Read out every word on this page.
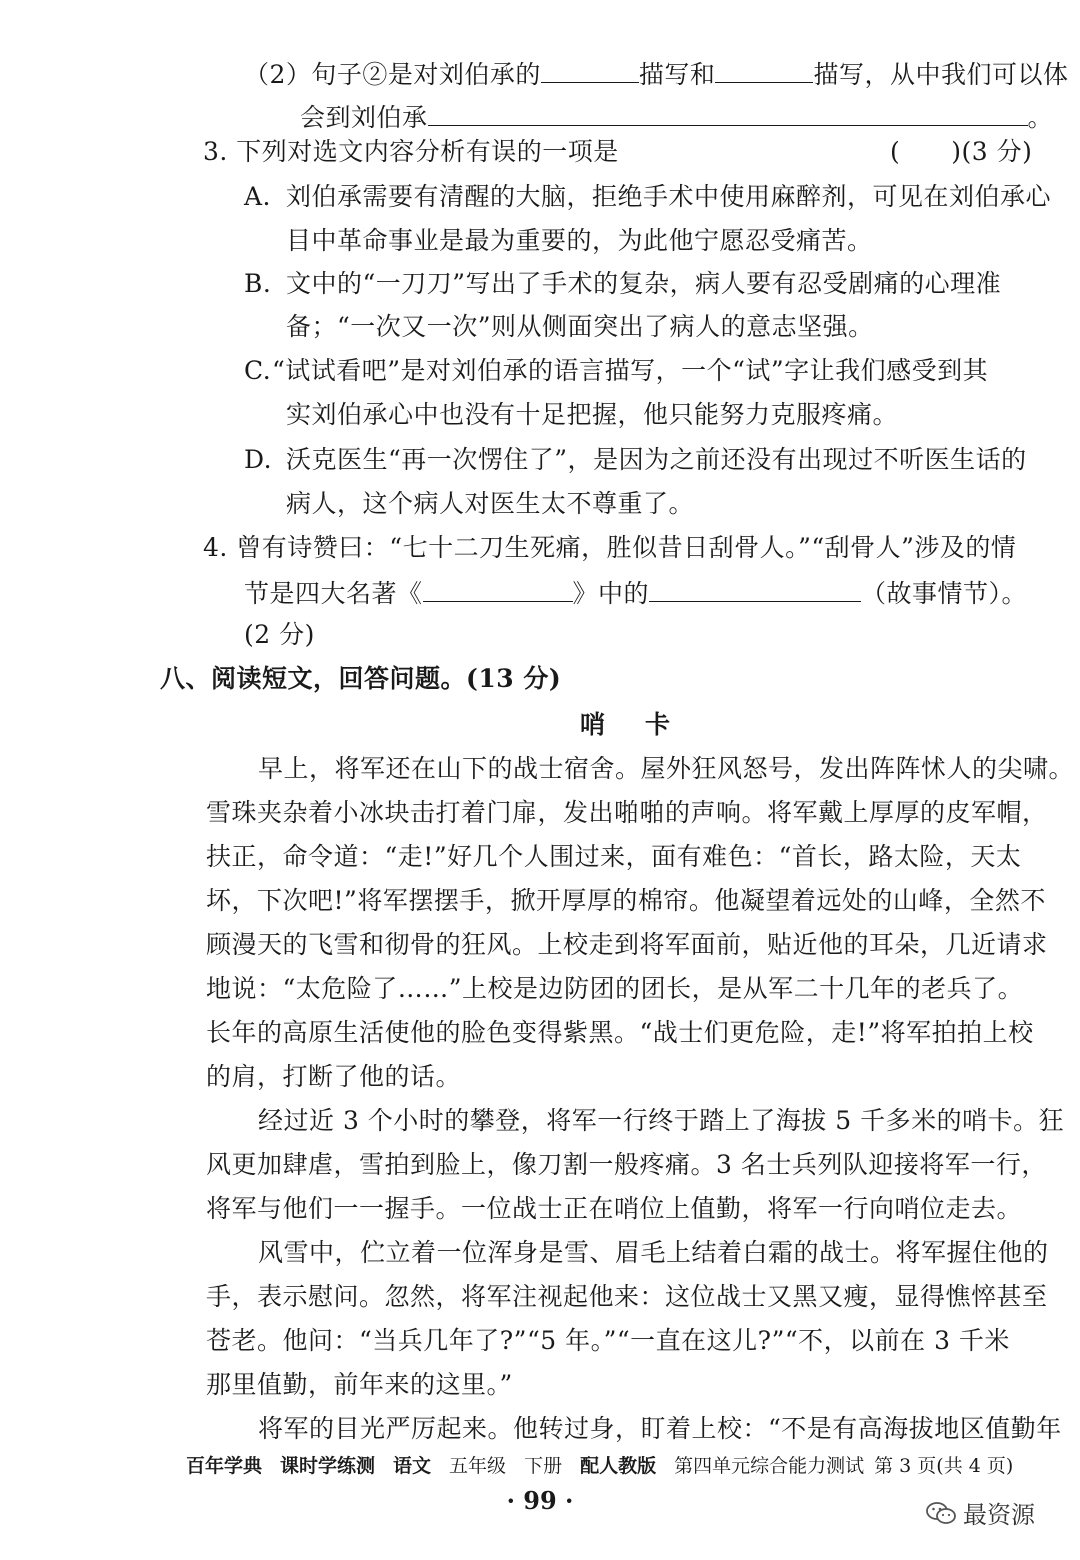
（2）句子②是对刘伯承的	描写和	描写，从中我们可以体
会到刘伯承	。
3. 下列对选文内容分析有误的一项是	(　　)(3 分)
A. 刘伯承需要有清醒的大脑，拒绝手术中使用麻醉剂，可见在刘伯承心
目中革命事业是最为重要的，为此他宁愿忍受痛苦。
B. 文中的“一刀刀”写出了手术的复杂，病人要有忍受剧痛的心理准
备；“一次又一次”则从侧面突出了病人的意志坚强。
C. “试试看吧”是对刘伯承的语言描写，一个“试”字让我们感受到其
实刘伯承心中也没有十足把握，他只能努力克服疼痛。
D. 沃克医生“再一次愣住了”，是因为之前还没有出现过不听医生话的
病人，这个病人对医生太不尊重了。
4. 曾有诗赞曰：“七十二刀生死痛，胜似昔日刮骨人。”“刮骨人”涉及的情
节是四大名著《	》中的	（故事情节）。
(2 分)
八、阅读短文，回答问题。(13 分)
哨卡
早上，将军还在山下的战士宿舍。屋外狂风怒号，发出阵阵怵人的尖啸。
雪珠夹杂着小冰块击打着门扉，发出啪啪的声响。将军戴上厚厚的皮军帽，
扶正，命令道：“走!”好几个人围过来，面有难色：“首长，路太险，天太
坏，下次吧!”将军摆摆手，掀开厚厚的棉帘。他凝望着远处的山峰，全然不
顾漫天的飞雪和彻骨的狂风。上校走到将军面前，贴近他的耳朵，几近请求
地说：“太危险了……”上校是边防团的团长，是从军二十几年的老兵了。
长年的高原生活使他的脸色变得紫黑。“战士们更危险，走!”将军拍拍上校
的肩，打断了他的话。
经过近 3 个小时的攀登，将军一行终于踏上了海拔 5 千多米的哨卡。狂
风更加肆虐，雪拍到脸上，像刀割一般疼痛。3 名士兵列队迎接将军一行，
将军与他们一一握手。一位战士正在哨位上值勤，将军一行向哨位走去。
风雪中，伫立着一位浑身是雪、眉毛上结着白霜的战士。将军握住他的
手，表示慰问。忽然，将军注视起他来：这位战士又黑又瘦，显得憔悴甚至
苍老。他问：“当兵几年了?”“5 年。”“一直在这儿?”“不，以前在 3 千米
那里值勤，前年来的这里。”
将军的目光严厉起来。他转过身，盯着上校：“不是有高海拔地区值勤年
百年学典 课时学练测 语文 五年级 下册 配人教版 第四单元综合能力测试 第 3 页(共 4 页)
· 99 ·	最资源
